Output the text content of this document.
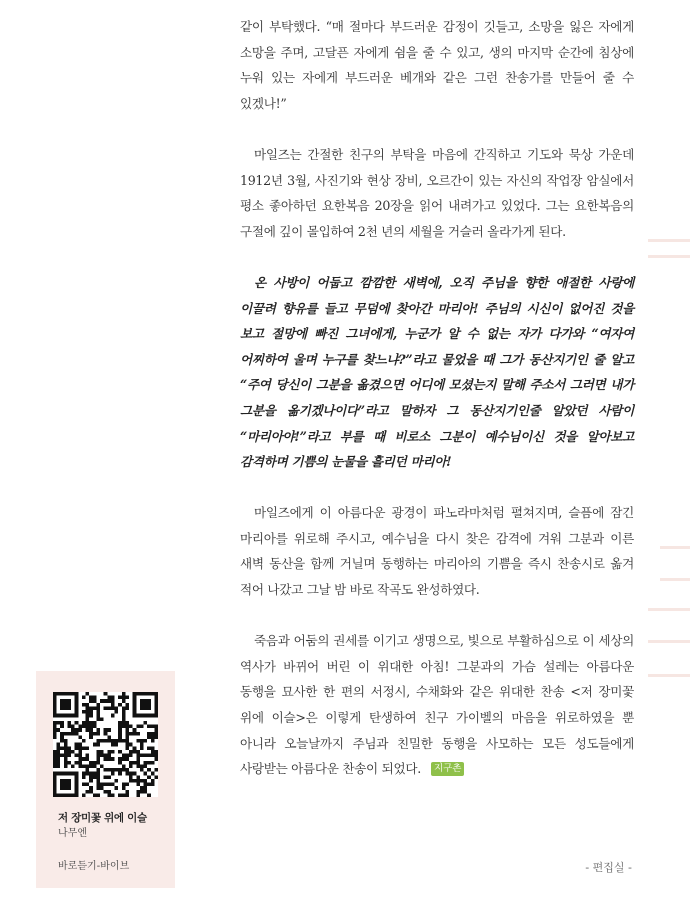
같이 부탁했다. “매 절마다 부드러운 감정이 깃들고, 소망을 잃은 자에게 소망을 주며, 고달픈 자에게 쉼을 줄 수 있고, 생의 마지막 순간에 침상에 누워 있는 자에게 부드러운 베개와 같은 그런 찬송가를 만들어 줄 수 있겠나!”

마일즈는 간절한 친구의 부탁을 마음에 간직하고 기도와 묵상 가운데 1912년 3월, 사진기와 현상 장비, 오르간이 있는 자신의 작업장 암실에서 평소 좋아하던 요한복음 20장을 읽어 내려가고 있었다. 그는 요한복음의 구절에 깊이 몰입하여 2천 년의 세월을 거슬러 올라가게 된다.

온 사방이 어둡고 깜깜한 새벽에, 오직 주님을 향한 애절한 사랑에 이끌려 향유를 들고 무덤에 찾아간 마리아! 주님의 시신이 없어진 것을 보고 절망에 빠진 그녀에게, 누군가 알 수 없는 자가 다가와 “여자여 어찌하여 울며 누구를 찾느냐?”라고 물었을 때 그가 동산지기인 줄 알고 “주여 당신이 그분을 옮겼으면 어디에 모셨는지 말해 주소서 그러면 내가 그분을 옮기겠나이다”라고 말하자 그 동산지기인줄 알았던 사람이 “마리아야!”라고 부를 때 비로소 그분이 예수님이신 것을 알아보고 감격하며 기쁨의 눈물을 흘리던 마리아!

마일즈에게 이 아름다운 광경이 파노라마처럼 펼쳐지며, 슬픔에 잠긴 마리아를 위로해 주시고, 예수님을 다시 찾은 감격에 겨워 그분과 이른 새벽 동산을 함께 거닐며 동행하는 마리아의 기쁨을 즉시 찬송시로 옮겨 적어 나갔고 그날 밤 바로 작곡도 완성하였다.

죽음과 어둠의 권세를 이기고 생명으로, 빛으로 부활하심으로 이 세상의 역사가 바뀌어 버린 이 위대한 아침! 그분과의 가슴 설레는 아름다운 동행을 묘사한 한 편의 서정시, 수채화와 같은 위대한 찬송 <저 장미꽃 위에 이슬>은 이렇게 탄생하여 친구 가이벨의 마음을 위로하였을 뿐 아니라 오늘날까지 주님과 친밀한 동행을 사모하는 모든 성도들에게 사랑받는 아름다운 찬송이 되었다. 지구촌

- 편집실 -
저 장미꽃 위에 이슬
나무엔
바로듣기-바이브
